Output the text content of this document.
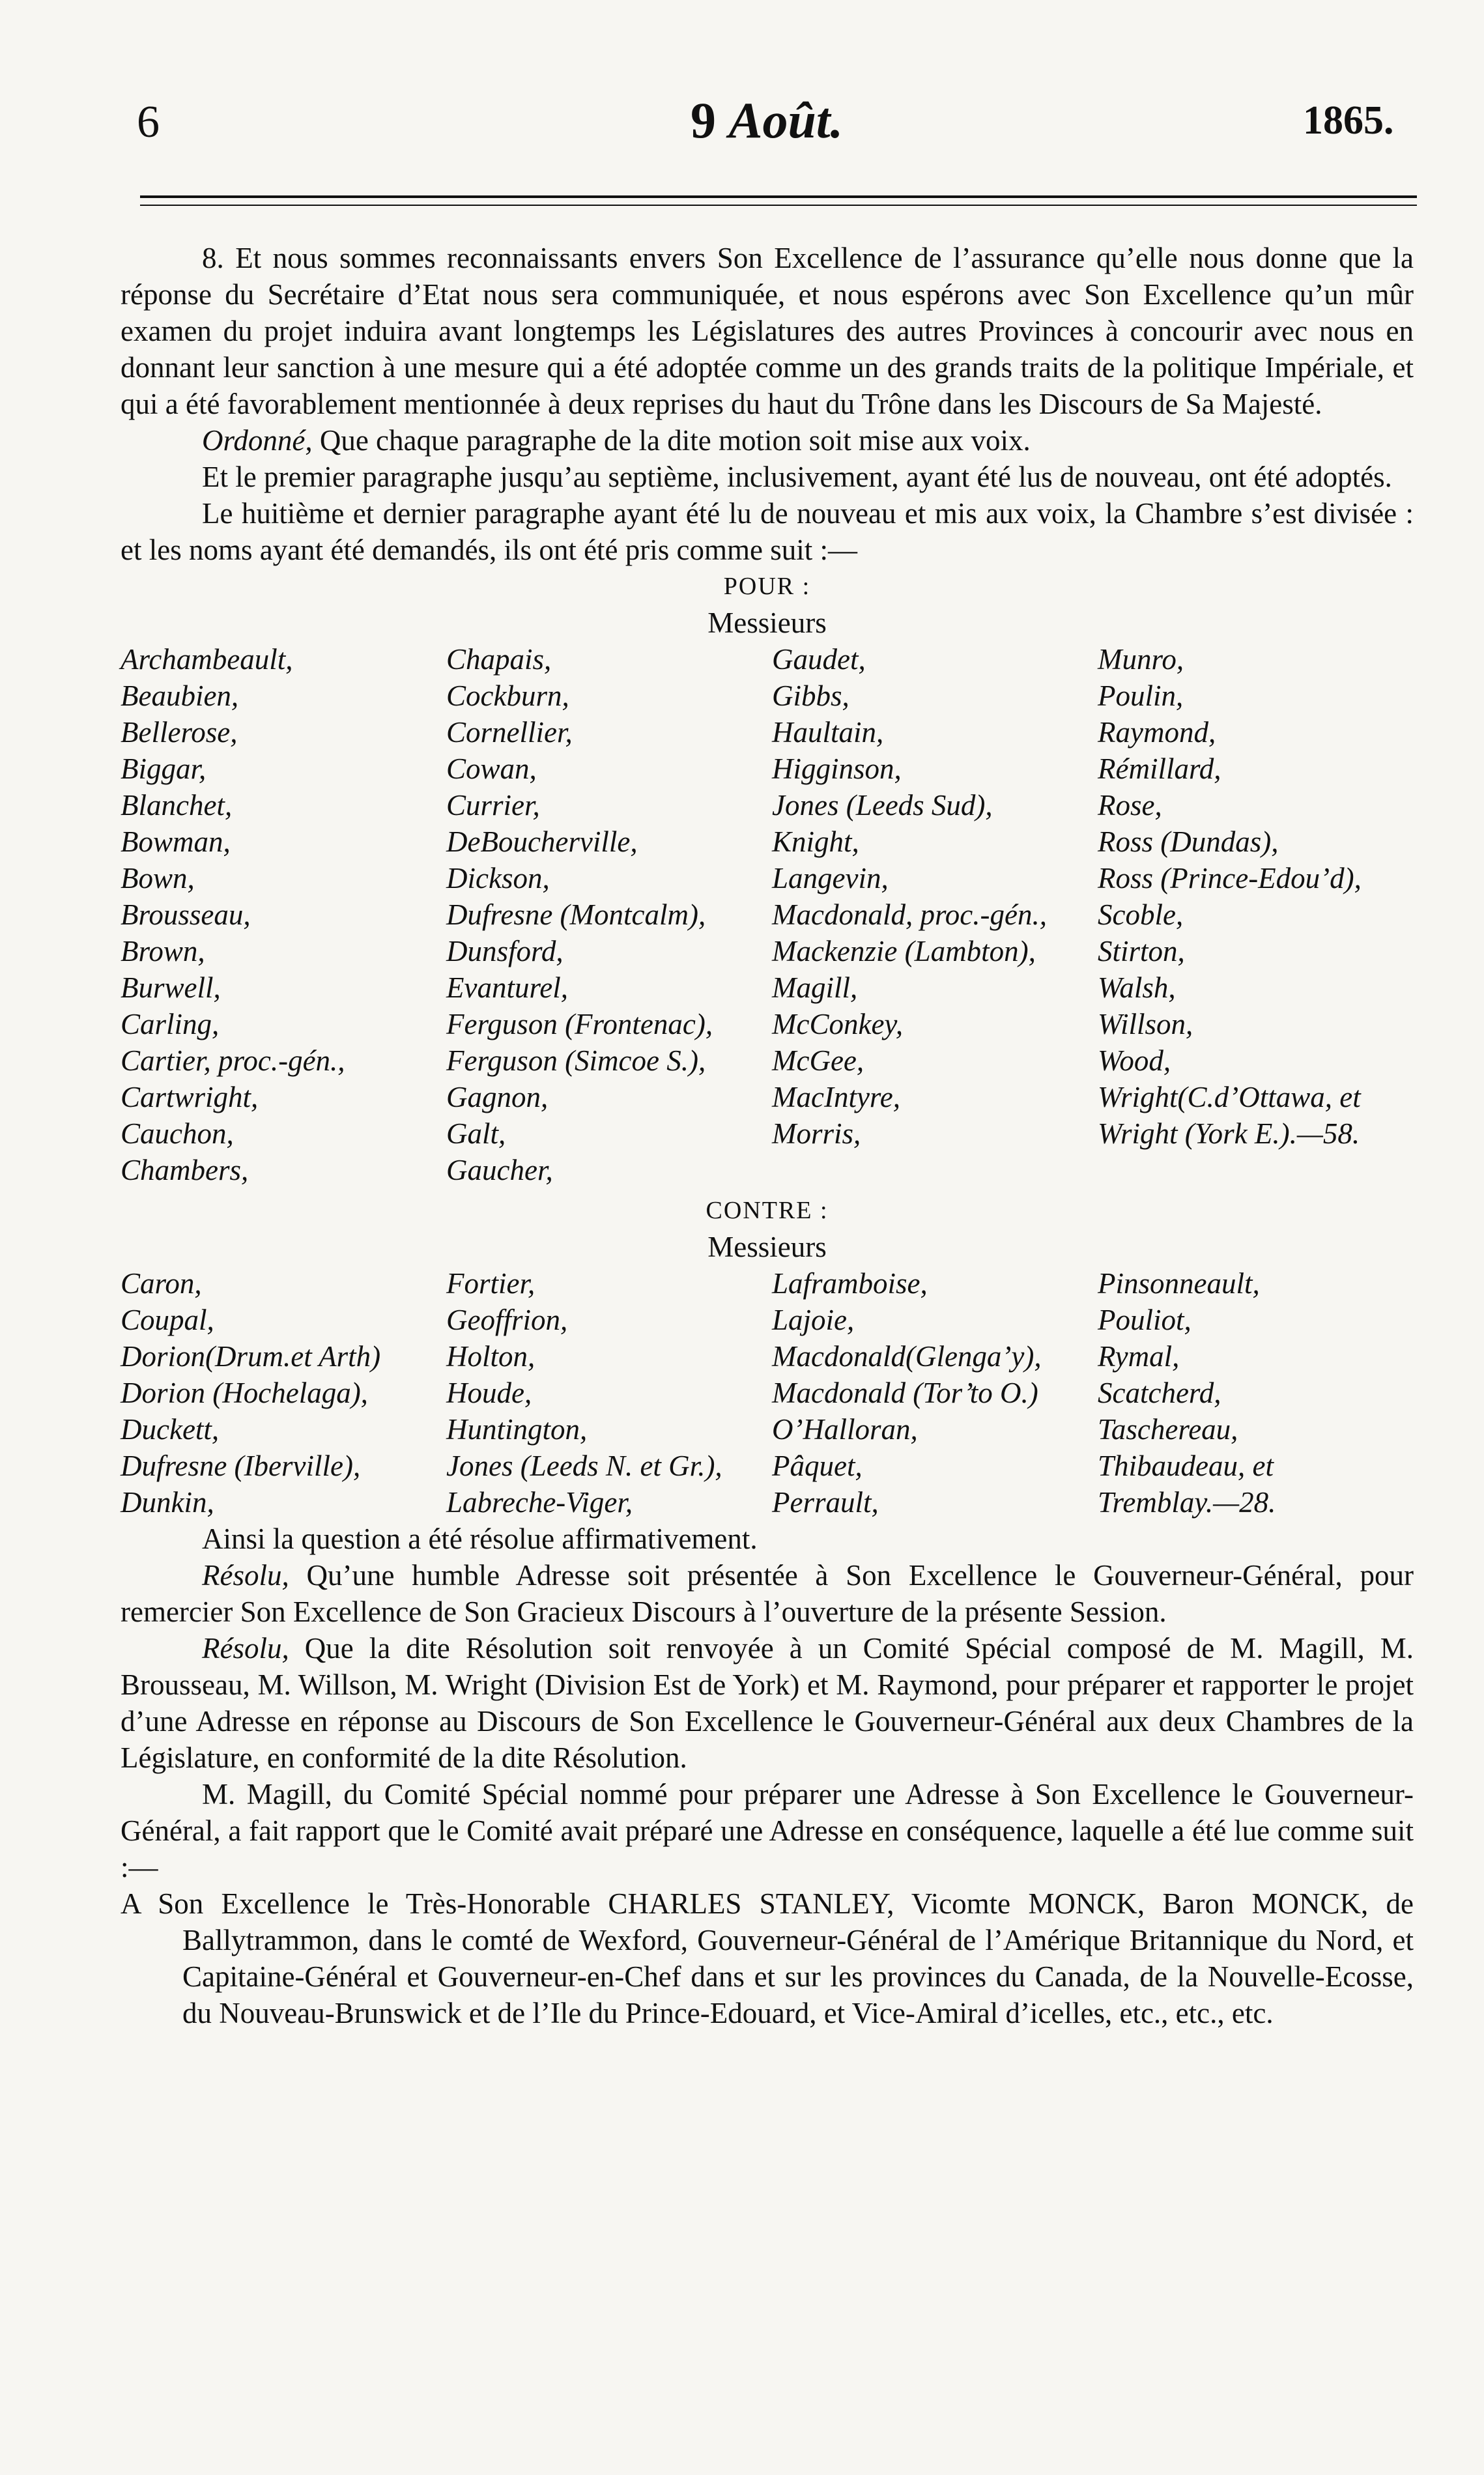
6	9 Août.	1865.

8. Et nous sommes reconnaissants envers Son Excellence de l’assurance qu’elle nous donne que la réponse du Secrétaire d’Etat nous sera communiquée, et nous espérons avec Son Excellence qu’un mûr examen du projet induira avant longtemps les Législatures des autres Provinces à concourir avec nous en donnant leur sanction à une mesure qui a été adoptée comme un des grands traits de la politique Impériale, et qui a été favorablement mentionnée à deux reprises du haut du Trône dans les Discours de Sa Majesté.

Ordonné, Que chaque paragraphe de la dite motion soit mise aux voix.

Et le premier paragraphe jusqu’au septième, inclusivement, ayant été lus de nouveau, ont été adoptés.

Le huitième et dernier paragraphe ayant été lu de nouveau et mis aux voix, la Chambre s’est divisée : et les noms ayant été demandés, ils ont été pris comme suit :—

POUR :

Messieurs

Archambeault,	Chapais,	Gaudet,	Munro,
Beaubien,	Cockburn,	Gibbs,	Poulin,
Bellerose,	Cornellier,	Haultain,	Raymond,
Biggar,	Cowan,	Higginson,	Rémillard,
Blanchet,	Currier,	Jones (Leeds Sud),	Rose,
Bowman,	DeBoucherville,	Knight,	Ross (Dundas),
Bown,	Dickson,	Langevin,	Ross (Prince-Edou’d),
Brousseau,	Dufresne (Montcalm),	Macdonald, proc.-gén.,	Scoble,
Brown,	Dunsford,	Mackenzie (Lambton),	Stirton,
Burwell,	Evanturel,	Magill,	Walsh,
Carling,	Ferguson (Frontenac),	McConkey,	Willson,
Cartier, proc.-gén.,	Ferguson (Simcoe S.),	McGee,	Wood,
Cartwright,	Gagnon,	MacIntyre,	Wright(C.d’Ottawa, et
Cauchon,	Galt,	Morris,	Wright (York E.).—58.
Chambers,	Gaucher,

CONTRE :

Messieurs

Caron,	Fortier,	Laframboise,	Pinsonneault,
Coupal,	Geoffrion,	Lajoie,	Pouliot,
Dorion(Drum.et Arth)	Holton,	Macdonald(Glenga’y),	Rymal,
Dorion (Hochelaga),	Houde,	Macdonald (Tor’to O.)	Scatcherd,
Duckett,	Huntington,	O’Halloran,	Taschereau,
Dufresne (Iberville),	Jones (Leeds N. et Gr.),	Pâquet,	Thibaudeau, et
Dunkin,	Labreche-Viger,	Perrault,	Tremblay.—28.

Ainsi la question a été résolue affirmativement.

Résolu, Qu’une humble Adresse soit présentée à Son Excellence le Gouverneur-Général, pour remercier Son Excellence de Son Gracieux Discours à l’ouverture de la présente Session.

Résolu, Que la dite Résolution soit renvoyée à un Comité Spécial composé de M. Magill, M. Brousseau, M. Willson, M. Wright (Division Est de York) et M. Raymond, pour préparer et rapporter le projet d’une Adresse en réponse au Discours de Son Excellence le Gouverneur-Général aux deux Chambres de la Législature, en conformité de la dite Résolution.

M. Magill, du Comité Spécial nommé pour préparer une Adresse à Son Excellence le Gouverneur-Général, a fait rapport que le Comité avait préparé une Adresse en conséquence, laquelle a été lue comme suit :—

A Son Excellence le Très-Honorable CHARLES STANLEY, Vicomte MONCK, Baron MONCK, de Ballytrammon, dans le comté de Wexford, Gouverneur-Général de l’Amérique Britannique du Nord, et Capitaine-Général et Gouverneur-en-Chef dans et sur les provinces du Canada, de la Nouvelle-Ecosse, du Nouveau-Brunswick et de l’Ile du Prince-Edouard, et Vice-Amiral d’icelles, etc., etc., etc.
